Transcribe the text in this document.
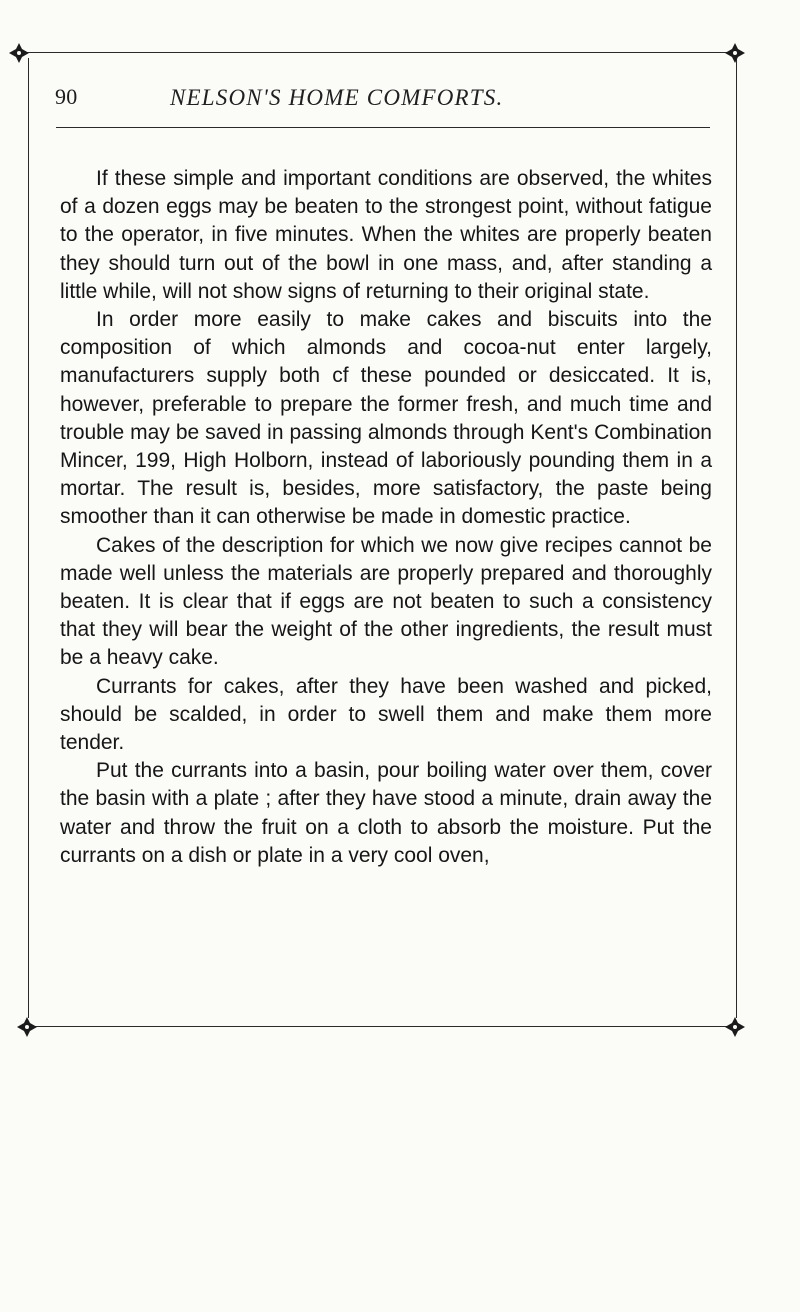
90	NELSON'S HOME COMFORTS.

If these simple and important conditions are observed, the whites of a dozen eggs may be beaten to the strongest point, without fatigue to the operator, in five minutes. When the whites are properly beaten they should turn out of the bowl in one mass, and, after standing a little while, will not show signs of returning to their original state.

In order more easily to make cakes and biscuits into the composition of which almonds and cocoa-nut enter largely, manufacturers supply both cf these pounded or desiccated. It is, however, preferable to prepare the former fresh, and much time and trouble may be saved in passing almonds through Kent's Combination Mincer, 199, High Holborn, instead of laboriously pounding them in a mortar. The result is, besides, more satisfactory, the paste being smoother than it can otherwise be made in domestic practice.

Cakes of the description for which we now give recipes cannot be made well unless the materials are properly prepared and thoroughly beaten. It is clear that if eggs are not beaten to such a consistency that they will bear the weight of the other ingredients, the result must be a heavy cake.

Currants for cakes, after they have been washed and picked, should be scalded, in order to swell them and make them more tender.

Put the currants into a basin, pour boiling water over them, cover the basin with a plate ; after they have stood a minute, drain away the water and throw the fruit on a cloth to absorb the moisture. Put the currants on a dish or plate in a very cool oven,
